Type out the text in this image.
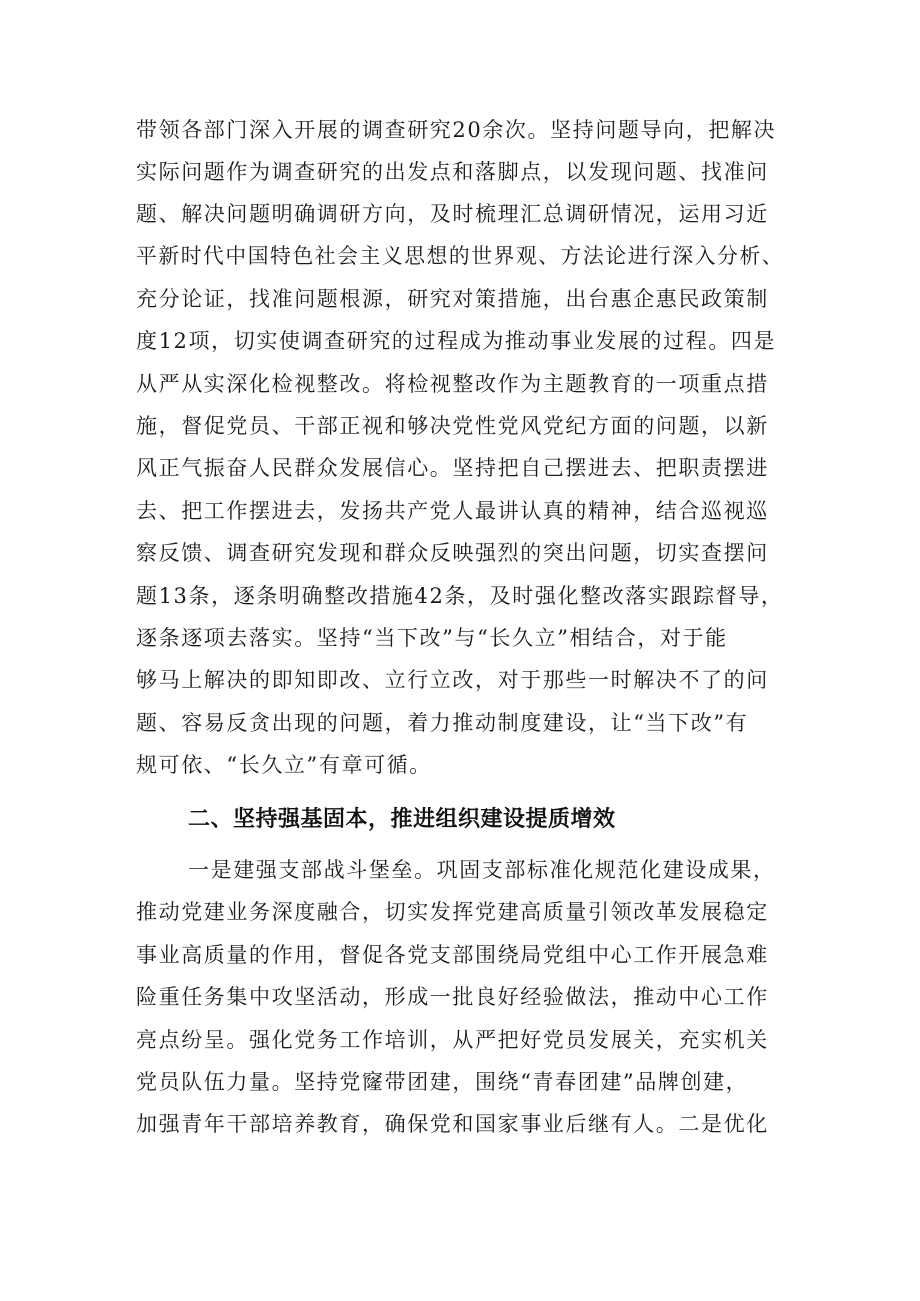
带领各部门深入开展的调查研究20余次。坚持问题导向，把解决
实际问题作为调查研究的出发点和落脚点，以发现问题、找准问
题、解决问题明确调研方向，及时梳理汇总调研情况，运用习近
平新时代中国特色社会主义思想的世界观、方法论进行深入分析、
充分论证，找准问题根源，研究对策措施，出台惠企惠民政策制
度12项，切实使调查研究的过程成为推动事业发展的过程。四是
从严从实深化检视整改。将检视整改作为主题教育的一项重点措
施，督促党员、干部正视和够决党性党风党纪方面的问题，以新
风正气振奋人民群众发展信心。坚持把自己摆进去、把职责摆进
去、把工作摆进去，发扬共产党人最讲认真的精神，结合巡视巡
察反馈、调查研究发现和群众反映强烈的突出问题，切实查摆问
题13条，逐条明确整改措施42条，及时强化整改落实跟踪督导，
逐条逐项去落实。坚持“当下改”与“长久立”相结合，对于能
够马上解决的即知即改、立行立改，对于那些一时解决不了的问
题、容易反贪出现的问题，着力推动制度建设，让“当下改”有
规可依、“长久立”有章可循。
二、坚持强基固本，推进组织建设提质增效
一是建强支部战斗堡垒。巩固支部标准化规范化建设成果，
推动党建业务深度融合，切实发挥党建高质量引领改革发展稳定
事业高质量的作用，督促各党支部围绕局党组中心工作开展急难
险重任务集中攻坚活动，形成一批良好经验做法，推动中心工作
亮点纷呈。强化党务工作培训，从严把好党员发展关，充实机关
党员队伍力量。坚持党窿带团建，围绕“青春团建”品牌创建，
加强青年干部培养教育，确保党和国家事业后继有人。二是优化
